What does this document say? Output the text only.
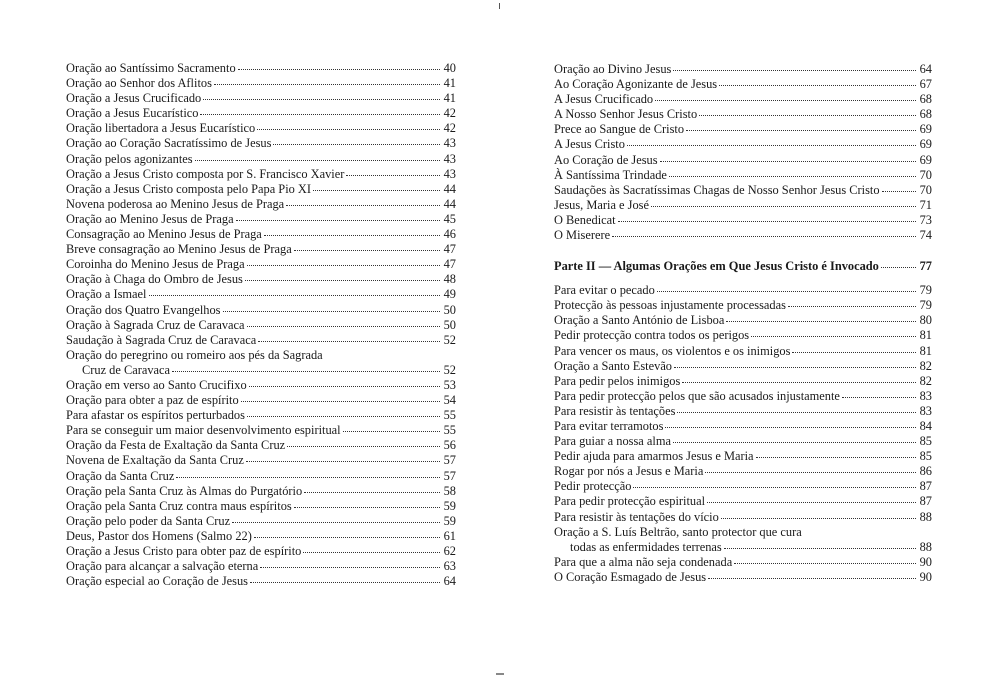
Oração ao Santíssimo Sacramento	40
Oração ao Senhor dos Aflitos	41
Oração a Jesus Crucificado	41
Oração a Jesus Eucarístico	42
Oração libertadora a Jesus Eucarístico	42
Oração ao Coração Sacratíssimo de Jesus	43
Oração pelos agonizantes	43
Oração a Jesus Cristo composta por S. Francisco Xavier	43
Oração a Jesus Cristo composta pelo Papa Pio XI	44
Novena poderosa ao Menino Jesus de Praga	44
Oração ao Menino Jesus de Praga	45
Consagração ao Menino Jesus de Praga	46
Breve consagração ao Menino Jesus de Praga	47
Coroinha do Menino Jesus de Praga	47
Oração à Chaga do Ombro de Jesus	48
Oração a Ismael	49
Oração dos Quatro Evangelhos	50
Oração à Sagrada Cruz de Caravaca	50
Saudação à Sagrada Cruz de Caravaca	52
Oração do peregrino ou romeiro aos pés da Sagrada
Cruz de Caravaca	52
Oração em verso ao Santo Crucifixo	53
Oração para obter a paz de espírito	54
Para afastar os espíritos perturbados	55
Para se conseguir um maior desenvolvimento espiritual	55
Oração da Festa de Exaltação da Santa Cruz	56
Novena de Exaltação da Santa Cruz	57
Oração da Santa Cruz	57
Oração pela Santa Cruz às Almas do Purgatório	58
Oração pela Santa Cruz contra maus espíritos	59
Oração pelo poder da Santa Cruz	59
Deus, Pastor dos Homens (Salmo 22)	61
Oração a Jesus Cristo para obter paz de espírito	62
Oração para alcançar a salvação eterna	63
Oração especial ao Coração de Jesus	64
Oração ao Divino Jesus	64
Ao Coração Agonizante de Jesus	67
A Jesus Crucificado	68
A Nosso Senhor Jesus Cristo	68
Prece ao Sangue de Cristo	69
A Jesus Cristo	69
Ao Coração de Jesus	69
À Santíssima Trindade	70
Saudações às Sacratíssimas Chagas de Nosso Senhor Jesus Cristo	70
Jesus, Maria e José	71
O Benedicat	73
O Miserere	74
Parte II — Algumas Orações em Que Jesus Cristo é Invocado	77
Para evitar o pecado	79
Protecção às pessoas injustamente processadas	79
Oração a Santo António de Lisboa	80
Pedir protecção contra todos os perigos	81
Para vencer os maus, os violentos e os inimigos	81
Oração a Santo Estevão	82
Para pedir pelos inimigos	82
Para pedir protecção pelos que são acusados injustamente	83
Para resistir às tentações	83
Para evitar terramotos	84
Para guiar a nossa alma	85
Pedir ajuda para amarmos Jesus e Maria	85
Rogar por nós a Jesus e Maria	86
Pedir protecção	87
Para pedir protecção espiritual	87
Para resistir às tentações do vício	88
Oração a S. Luís Beltrão, santo protector que cura
todas as enfermidades terrenas	88
Para que a alma não seja condenada	90
O Coração Esmagado de Jesus	90
